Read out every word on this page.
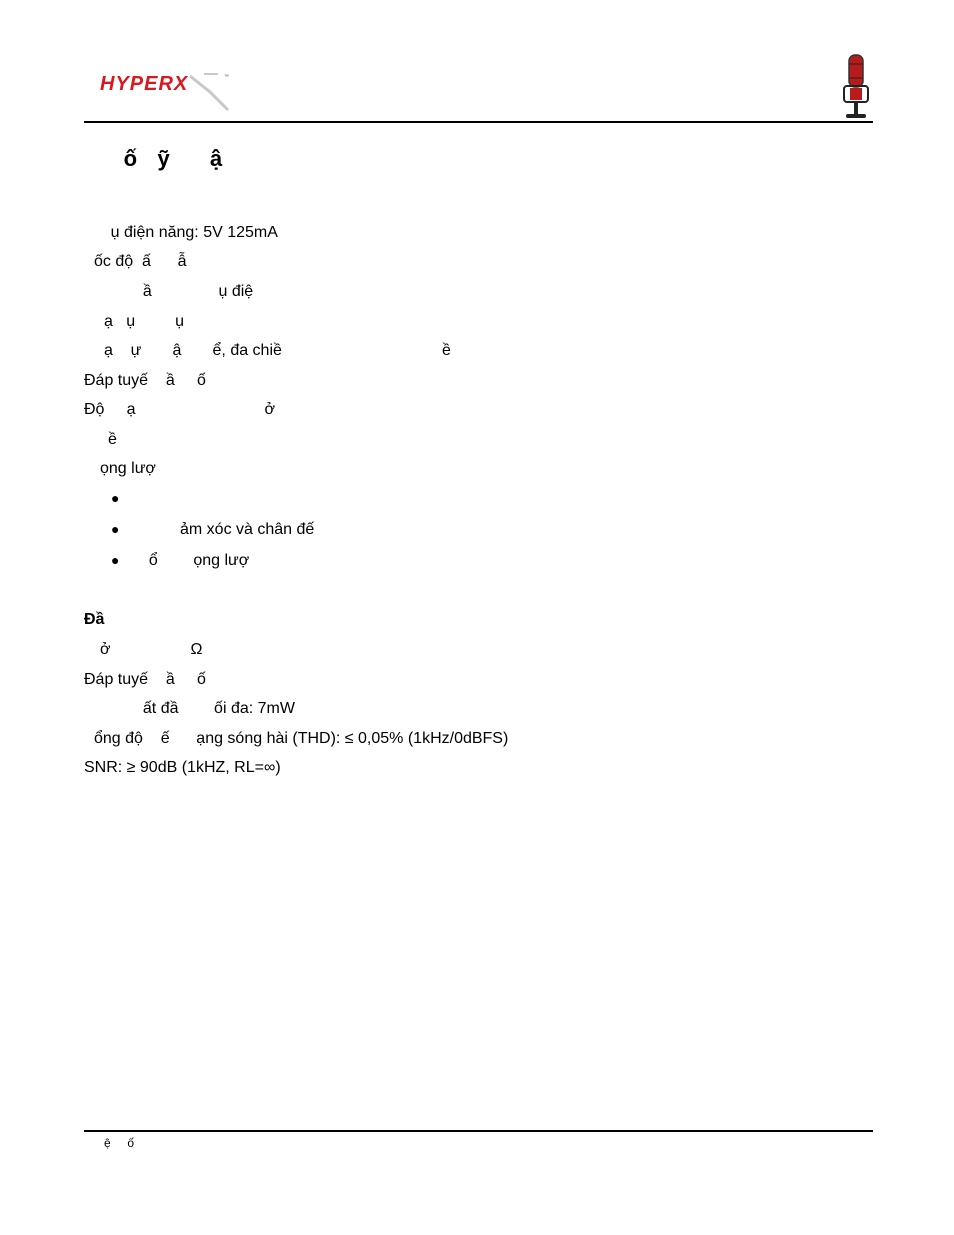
HYPERX	™
ố   ỹ      ậ
ụ điện năng: 5V 125mA
ốc độ  ấ      ẫ
ầ               ụ điệ
ạ   ụ         ụ
ạ    ự       ậ       ể, đa chiề                                    ề
Đáp tuyế    ầ     ố
Độ     ạ                             ở
ề
ọng lượ
●
● ảm xóc và chân đế
● ổ        ọng lượ
Đầ
ở                  Ω
Đáp tuyế    ầ     ố
ất đầ        ối đa: 7mW
ổng độ    ế      ạng sóng hài (THD): ≤ 0,05% (1kHz/0dBFS)
SNR: ≥ 90dB (1kHZ, RL=∞)
ệ     ố
